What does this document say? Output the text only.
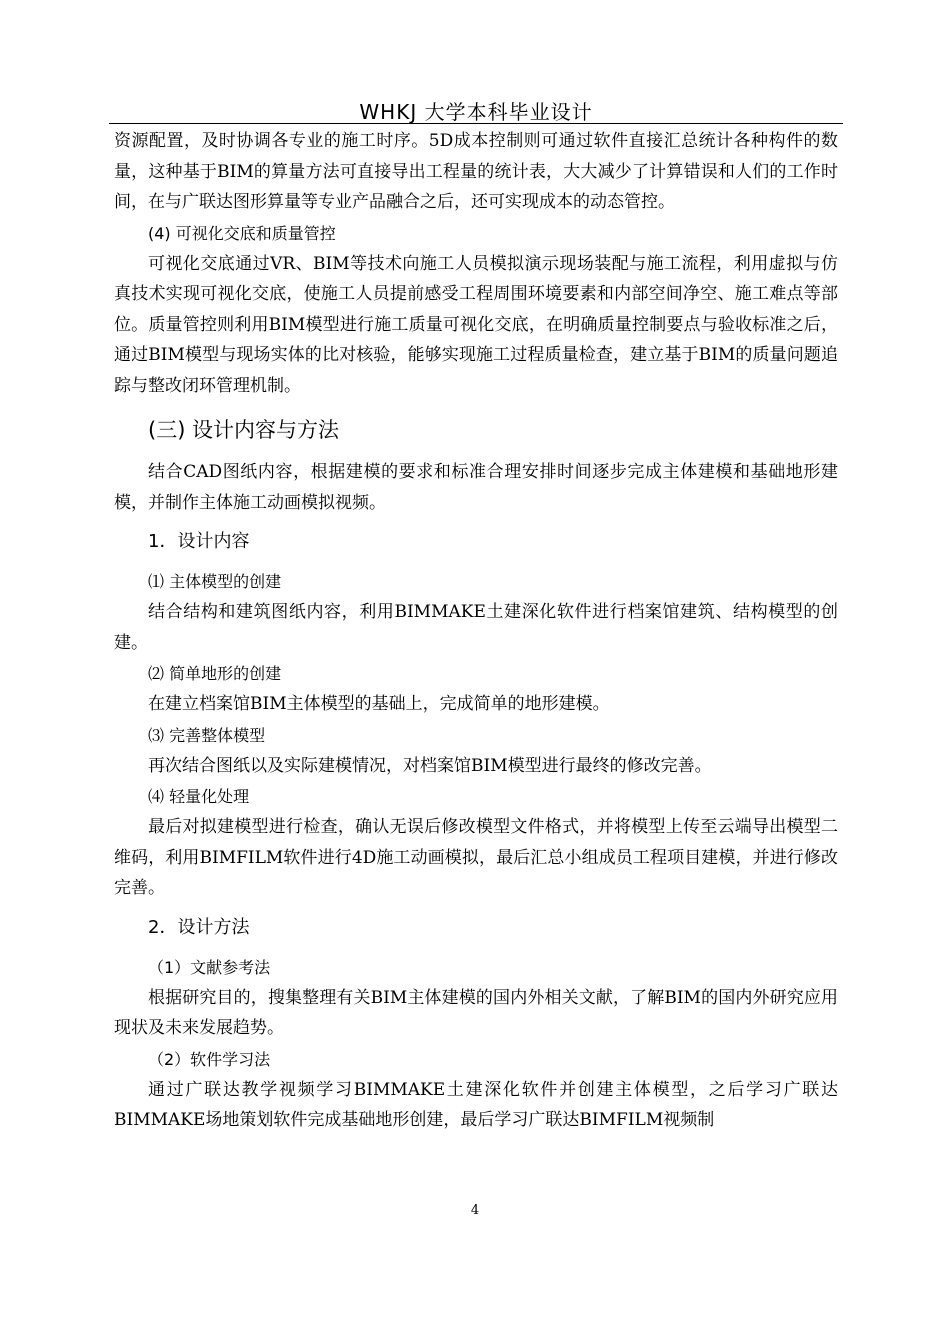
WHKJ 大学本科毕业设计

资源配置，及时协调各专业的施工时序。5D成本控制则可通过软件直接汇总统计各种构件的数量，这种基于BIM的算量方法可直接导出工程量的统计表，大大减少了计算错误和人们的工作时间，在与广联达图形算量等专业产品融合之后，还可实现成本的动态管控。

(4) 可视化交底和质量管控

可视化交底通过VR、BIM等技术向施工人员模拟演示现场装配与施工流程，利用虚拟与仿真技术实现可视化交底，使施工人员提前感受工程周围环境要素和内部空间净空、施工难点等部位。质量管控则利用BIM模型进行施工质量可视化交底，在明确质量控制要点与验收标准之后，通过BIM模型与现场实体的比对核验，能够实现施工过程质量检查，建立基于BIM的质量问题追踪与整改闭环管理机制。

(三) 设计内容与方法

结合CAD图纸内容，根据建模的要求和标准合理安排时间逐步完成主体建模和基础地形建模，并制作主体施工动画模拟视频。

1．设计内容

⑴ 主体模型的创建

结合结构和建筑图纸内容，利用BIMMAKE土建深化软件进行档案馆建筑、结构模型的创建。

⑵ 简单地形的创建

在建立档案馆BIM主体模型的基础上，完成简单的地形建模。

⑶ 完善整体模型

再次结合图纸以及实际建模情况，对档案馆BIM模型进行最终的修改完善。

⑷ 轻量化处理

最后对拟建模型进行检查，确认无误后修改模型文件格式，并将模型上传至云端导出模型二维码，利用BIMFILM软件进行4D施工动画模拟，最后汇总小组成员工程项目建模，并进行修改完善。

2．设计方法

（1）文献参考法

根据研究目的，搜集整理有关BIM主体建模的国内外相关文献，了解BIM的国内外研究应用现状及未来发展趋势。

（2）软件学习法

通过广联达教学视频学习BIMMAKE土建深化软件并创建主体模型，之后学习广联达BIMMAKE场地策划软件完成基础地形创建，最后学习广联达BIMFILM视频制

4
